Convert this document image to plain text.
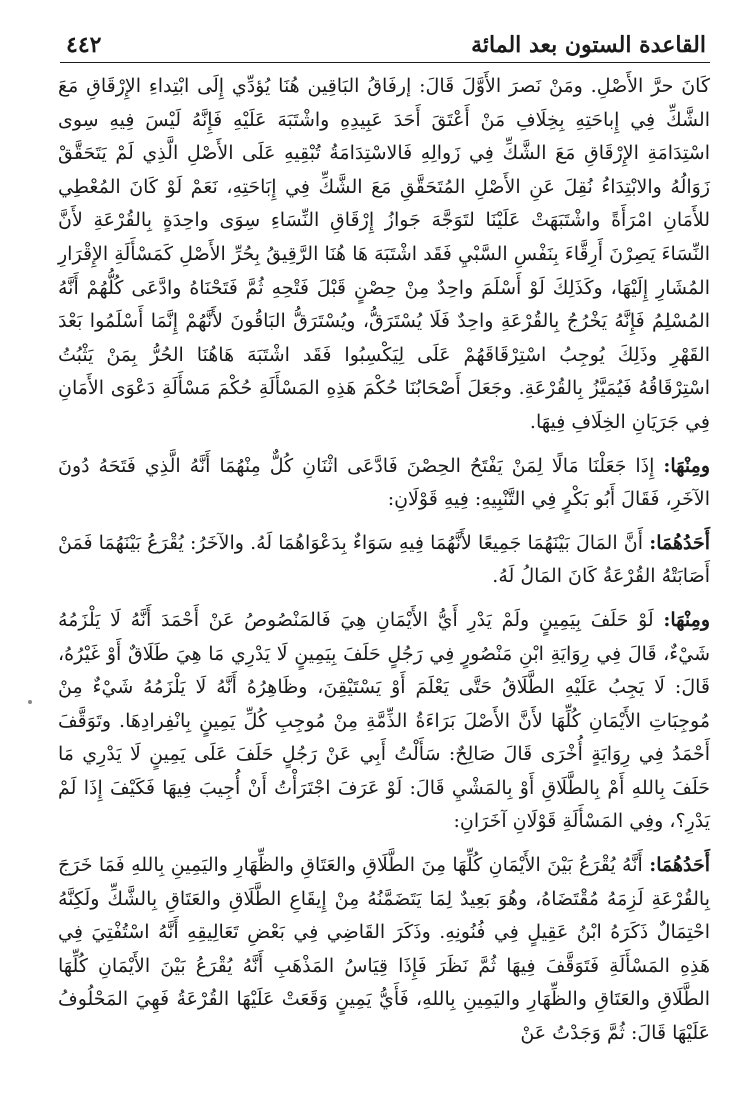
القاعدة الستون بعد المائة
٤٤٢

كَانَ حرَّ الأَصْلِ. ومَنْ نَصرَ الأَوَّلَ قَالَ: إرفَاقُ البَاقِين هُنَا يُؤدِّي إِلَى ابْتِداءِ الإِرْقَاقِ مَعَ الشَّكِّ فِي إِباحَتِهِ بِخِلَافِ مَنْ أَعْتَقَ أَحَدَ عَبِيدِهِ واشْتَبَهَ عَلَيْهِ فَإِنَّهُ لَيْسَ فِيهِ سِوى اسْتِدَامَةِ الإِرْقَاقِ مَعَ الشَّكِّ فِي زَوالِهِ فَالاسْتِدَامَةُ تُبْقِيهِ عَلَى الأَصْلِ الَّذِي لَمْ يَتَحَقَّقْ زَوَالُهُ والابْتِدَاءُ نُقِلَ عَنِ الأَصْلِ المُتَحَقَّقِ مَعَ الشَّكِّ فِي إِبَاحَتِهِ، نَعَمْ لَوْ كَانَ المُعْطِي للأَمَانِ امْرَأَةً واشْتَبَهَتْ عَلَيْنَا لتَوَجَّهَ جَوازُ إِرْقَاقِ النِّسَاءِ سِوَى واحِدَةٍ بِالقُرْعَةِ لأَنَّ النِّسَاءَ يَصِرْنَ أَرِقَّاءَ بِنَفْسِ السَّبْيِ فَقَد اشْتَبَهَ هَا هُنَا الرَّقِيقُ بِحُرِّ الأَصْلِ كَمَسْأَلَةِ الإِقْرَارِ المُشَارِ إِلَيْهَا، وكَذَلِكَ لَوْ أَسْلَمَ واحِدٌ مِنْ حِصْنٍ قَبْلَ فَتْحِهِ ثُمَّ فَتَحْنَاهُ وادَّعَى كُلُّهُمْ أَنَّهُ المُسْلِمُ فَإِنَّهُ يَخْرُجُ بِالقُرْعَةِ واحِدٌ فَلَا يُسْتَرَقُّ، ويُسْتَرَقُّ البَاقُونَ لأَنَّهُمْ إِنَّمَا أَسْلَمُوا بَعْدَ القَهْرِ وذَلِكَ يُوجِبُ اسْتِرْقَاقَهُمْ عَلَى لِيَكْسِبُوا فَقَد اشْتَبَهَ هَاهُنَا الحُرُّ بِمَنْ يَثْبُتُ اسْتِرْقَاقُهُ فَيُمَيَّزُ بِالقُرْعَةِ. وجَعَلَ أَصْحَابُنَا حُكْمَ هَذِهِ المَسْأَلَةِ حُكْمَ مَسْأَلَةِ دَعْوَى الأَمَانِ فِي جَرَيَانِ الخِلَافِ فِيهَا.

ومِنْهَا: إِذَا جَعَلْنَا مَالًا لِمَنْ يَفْتَحُ الحِصْنَ فَادَّعَى اثْنَانِ كُلٌّ مِنْهُمَا أَنَّهُ الَّذِي فَتَحَهُ دُونَ الآخَرِ، فَقَالَ أَبُو بَكْرٍ فِي التَّنْبِيهِ: فِيهِ قَوْلَانِ:

أَحَدُهُمَا: أَنَّ المَالَ بَيْنَهُمَا جَمِيعًا لأَنَّهُمَا فِيهِ سَوَاءٌ بِدَعْوَاهُمَا لَهُ. والآخَرُ: يُقْرَعُ بَيْنَهُمَا فَمَنْ أَصَابَتْهُ القُرْعَةُ كَانَ المَالُ لَهُ.

ومِنْهَا: لَوْ حَلَفَ بِيَمِينٍ ولَمْ يَدْرِ أَيُّ الأَيْمَانِ هِيَ فَالمَنْصُوصُ عَنْ أَحْمَدَ أَنَّهُ لَا يَلْزَمُهُ شَيْءٌ، قَالَ فِي رِوَايَةِ ابْنِ مَنْصُورٍ فِي رَجُلٍ حَلَفَ بِيَمِينٍ لَا يَدْرِي مَا هِيَ طَلَاقٌ أَوْ غَيْرُهُ، قَالَ: لَا يَجِبُ عَلَيْهِ الطَّلَاقُ حَتَّى يَعْلَمَ أَوْ يَسْتَيْقِنَ، وظَاهِرُهُ أَنَّهُ لَا يَلْزَمُهُ شَيْءٌ مِنْ مُوجِبَاتِ الأَيْمَانِ كُلِّهَا لأَنَّ الأَصْلَ بَرَاءَةُ الذِّمَّةِ مِنْ مُوجِبِ كُلِّ يَمِينٍ بِانْفِرادِهَا. وتَوَقَّفَ أَحْمَدُ فِي رِوَايَةٍ أُخْرَى قَالَ صَالِحٌ: سَأَلْتُ أَبِي عَنْ رَجُلٍ حَلَفَ عَلَى يَمِينٍ لَا يَدْرِي مَا حَلَفَ بِاللهِ أَمْ بِالطَّلَاقِ أَوْ بِالمَشْيِ قَالَ: لَوْ عَرَفَ اجْتَرَأْتُ أَنْ أُجِيبَ فِيهَا فَكَيْفَ إِذَا لَمْ يَدْرِ؟، وفِي المَسْأَلَةِ قَوْلَانِ آخَرَانِ:

أَحَدُهُمَا: أَنَّهُ يُقْرَعُ بَيْنَ الأَيْمَانِ كُلِّهَا مِنَ الطَّلَاقِ والعَتَاقِ والظِّهَارِ واليَمِينِ بِاللهِ فَمَا خَرَجَ بِالقُرْعَةِ لَزِمَهُ مُقْتَضَاهُ، وهُوَ بَعِيدٌ لِمَا يَتَضَمَّنُهُ مِنْ إِيقَاعِ الطَّلَاقِ والعَتَاقِ بِالشَّكِّ ولَكِنَّهُ احْتِمَالٌ ذَكَرَهُ ابْنُ عَقِيلٍ فِي فُنُونِهِ. وذَكَرَ القَاضِي فِي بَعْضِ تَعَالِيقِهِ أَنَّهُ اسْتُفْتِيَ فِي هَذِهِ المَسْأَلَةِ فَتَوَقَّفَ فِيهَا ثُمَّ نَظَرَ فَإِذَا قِيَاسُ المَذْهَبِ أَنَّهُ يُقْرَعُ بَيْنَ الأَيْمَانِ كُلِّهَا الطَّلَاقِ والعَتَاقِ والظِّهَارِ واليَمِينِ بِاللهِ، فَأَيُّ يَمِينٍ وَقَعَتْ عَلَيْهَا القُرْعَةُ فَهِيَ المَحْلُوفُ عَلَيْهَا قَالَ: ثُمَّ وَجَدْتُ عَنْ
